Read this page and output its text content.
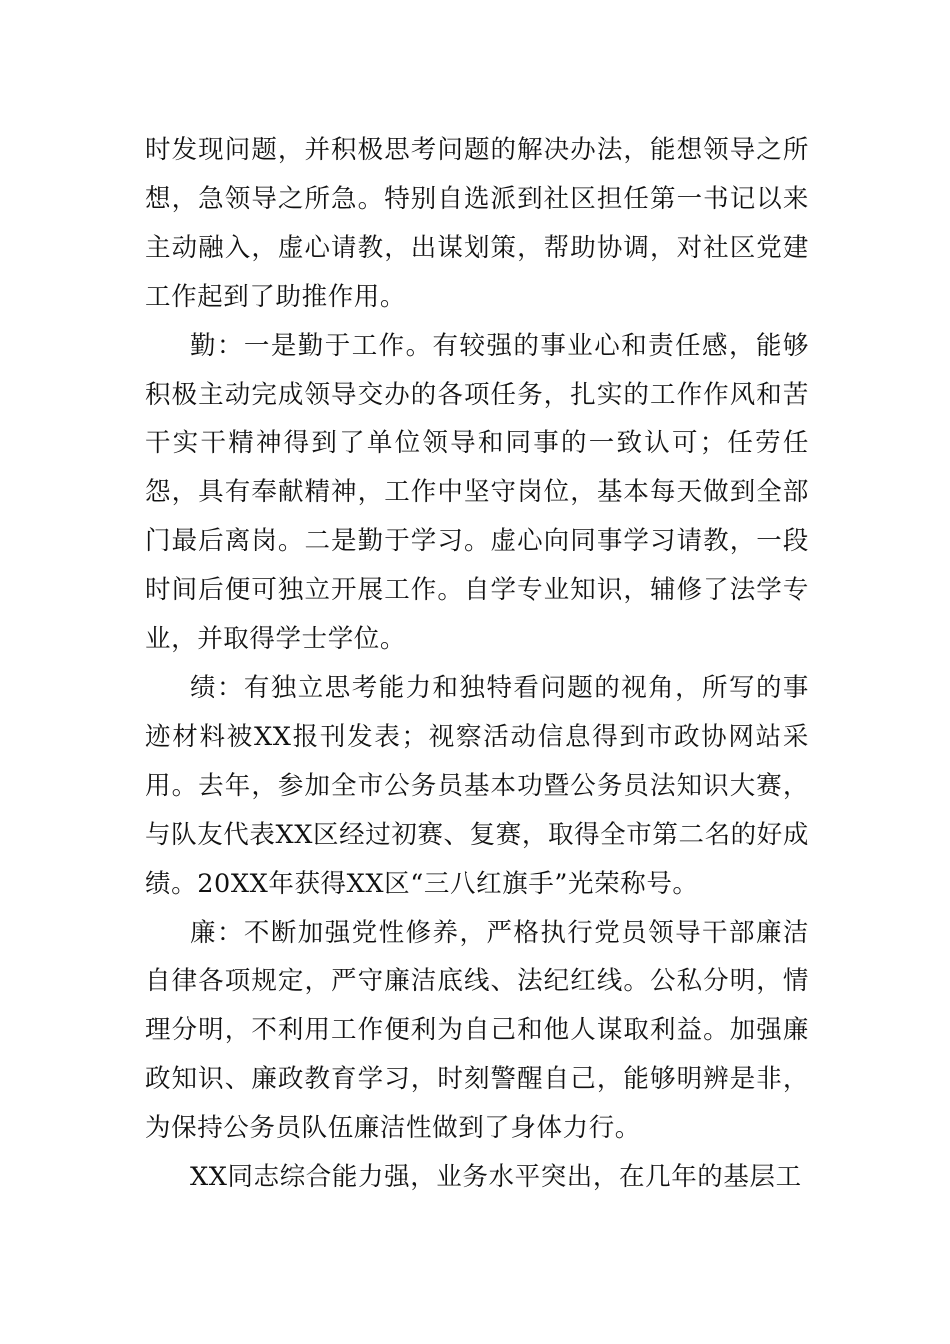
时发现问题，并积极思考问题的解决办法，能想领导之所想，急领导之所急。特别自选派到社区担任第一书记以来主动融入，虚心请教，出谋划策，帮助协调，对社区党建工作起到了助推作用。

勤：一是勤于工作。有较强的事业心和责任感，能够积极主动完成领导交办的各项任务，扎实的工作作风和苦干实干精神得到了单位领导和同事的一致认可；任劳任怨，具有奉献精神，工作中坚守岗位，基本每天做到全部门最后离岗。二是勤于学习。虚心向同事学习请教，一段时间后便可独立开展工作。自学专业知识，辅修了法学专业，并取得学士学位。

绩：有独立思考能力和独特看问题的视角，所写的事迹材料被XX报刊发表；视察活动信息得到市政协网站采用。去年，参加全市公务员基本功暨公务员法知识大赛，与队友代表XX区经过初赛、复赛，取得全市第二名的好成绩。20XX年获得XX区“三八红旗手”光荣称号。

廉：不断加强党性修养，严格执行党员领导干部廉洁自律各项规定，严守廉洁底线、法纪红线。公私分明，情理分明，不利用工作便利为自己和他人谋取利益。加强廉政知识、廉政教育学习，时刻警醒自己，能够明辨是非，为保持公务员队伍廉洁性做到了身体力行。

XX同志综合能力强，业务水平突出，在几年的基层工
